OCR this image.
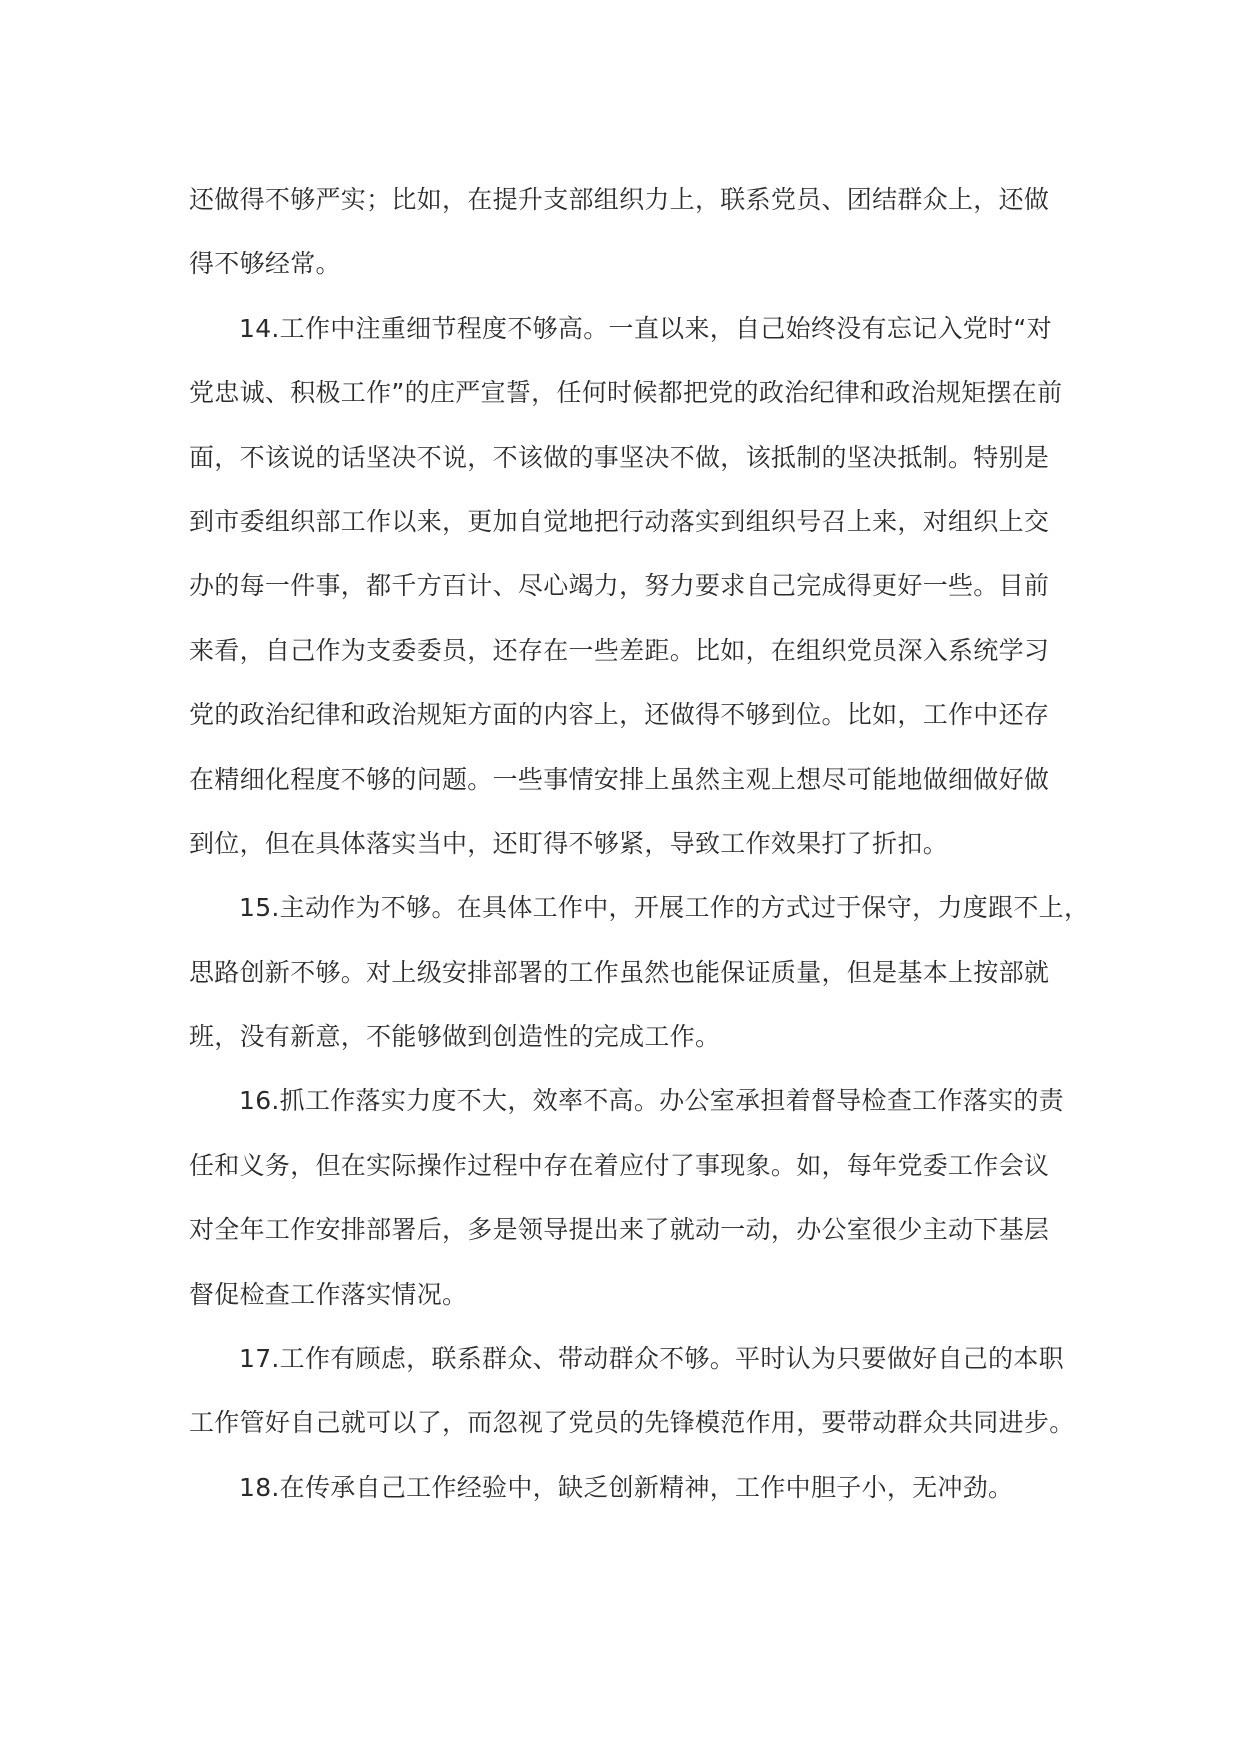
还做得不够严实；比如，在提升支部组织力上，联系党员、团结群众上，还做
得不够经常。
14.工作中注重细节程度不够高。一直以来，自己始终没有忘记入党时“对
党忠诚、积极工作”的庄严宣誓，任何时候都把党的政治纪律和政治规矩摆在前
面，不该说的话坚决不说，不该做的事坚决不做，该抵制的坚决抵制。特别是
到市委组织部工作以来，更加自觉地把行动落实到组织号召上来，对组织上交
办的每一件事，都千方百计、尽心竭力，努力要求自己完成得更好一些。目前
来看，自己作为支委委员，还存在一些差距。比如，在组织党员深入系统学习
党的政治纪律和政治规矩方面的内容上，还做得不够到位。比如，工作中还存
在精细化程度不够的问题。一些事情安排上虽然主观上想尽可能地做细做好做
到位，但在具体落实当中，还盯得不够紧，导致工作效果打了折扣。
15.主动作为不够。在具体工作中，开展工作的方式过于保守，力度跟不上，
思路创新不够。对上级安排部署的工作虽然也能保证质量，但是基本上按部就
班，没有新意，不能够做到创造性的完成工作。
16.抓工作落实力度不大，效率不高。办公室承担着督导检查工作落实的责
任和义务，但在实际操作过程中存在着应付了事现象。如，每年党委工作会议
对全年工作安排部署后，多是领导提出来了就动一动，办公室很少主动下基层
督促检查工作落实情况。
17.工作有顾虑，联系群众、带动群众不够。平时认为只要做好自己的本职
工作管好自己就可以了，而忽视了党员的先锋模范作用，要带动群众共同进步。
18.在传承自己工作经验中，缺乏创新精神，工作中胆子小，无冲劲。
